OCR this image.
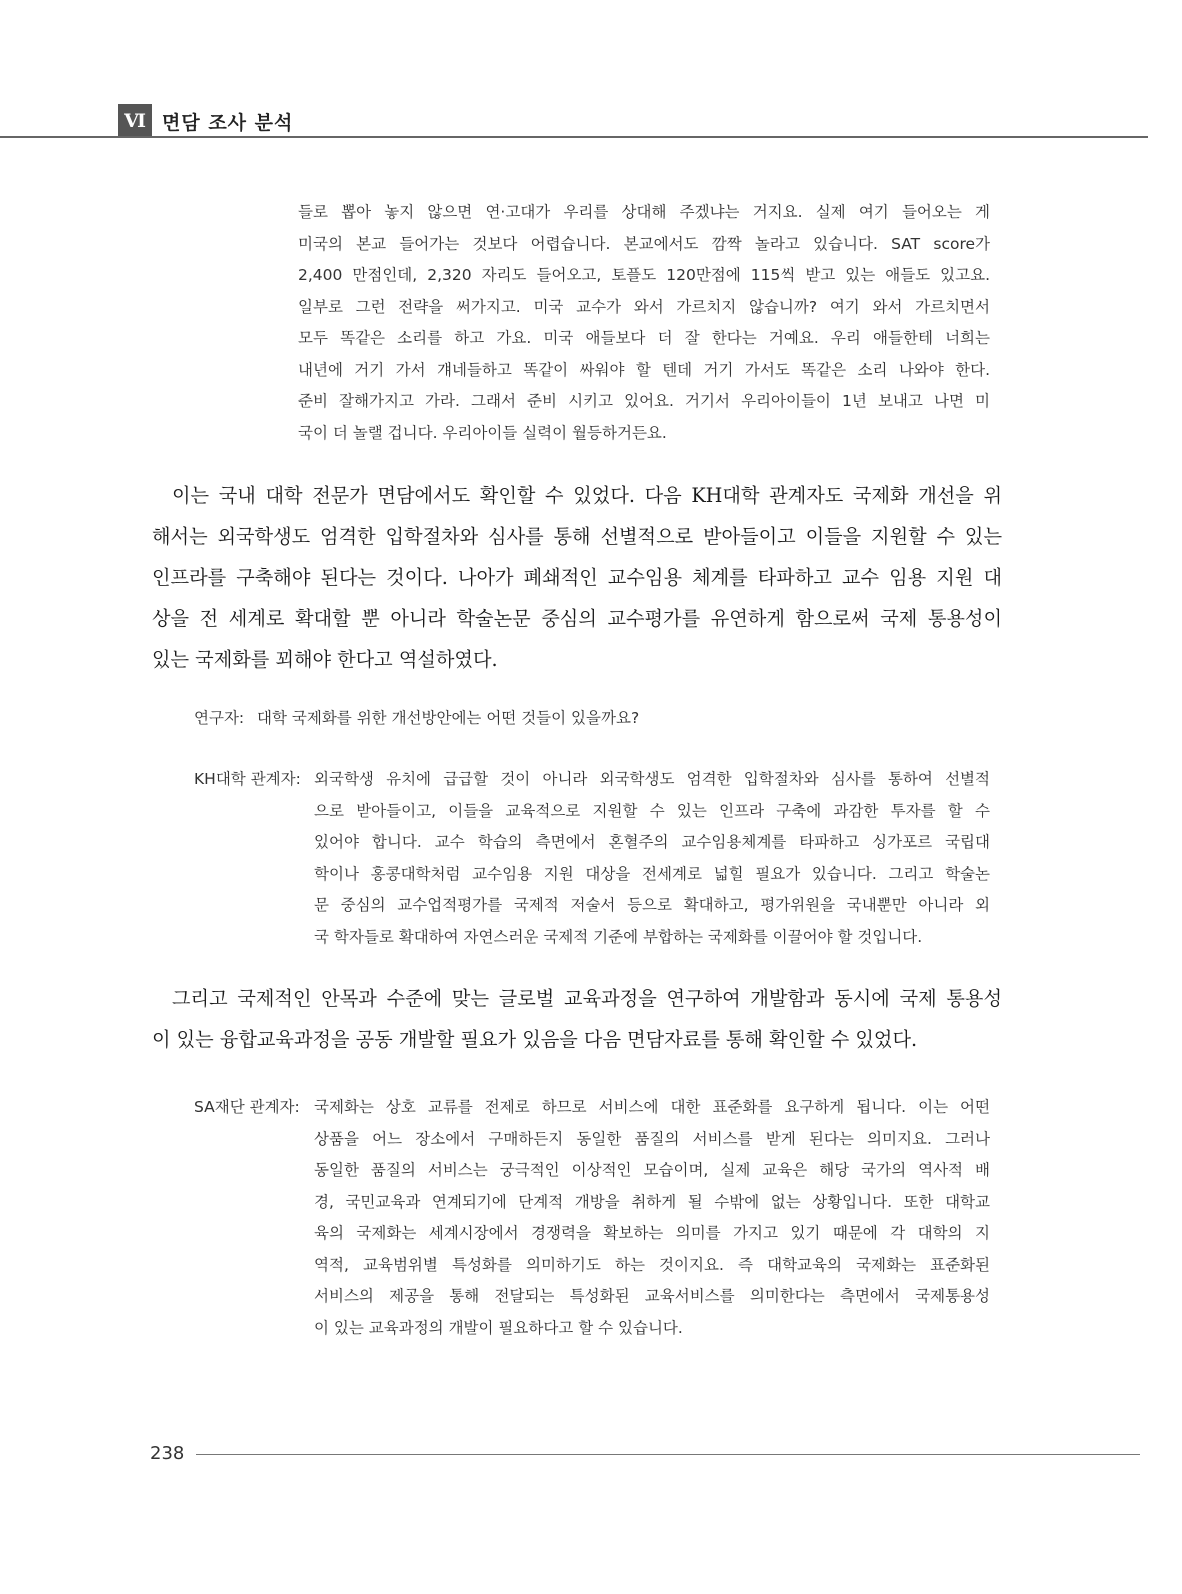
Ⅵ 면담 조사 분석
들로 뽑아 놓지 않으면 연·고대가 우리를 상대해 주겠냐는 거지요. 실제 여기 들어오는 게
미국의 본교 들어가는 것보다 어렵습니다. 본교에서도 깜짝 놀라고 있습니다. SAT score가
2,400 만점인데, 2,320 자리도 들어오고, 토플도 120만점에 115씩 받고 있는 애들도 있고요.
일부로 그런 전략을 써가지고. 미국 교수가 와서 가르치지 않습니까? 여기 와서 가르치면서
모두 똑같은 소리를 하고 가요. 미국 애들보다 더 잘 한다는 거예요. 우리 애들한테 너희는
내년에 거기 가서 걔네들하고 똑같이 싸워야 할 텐데 거기 가서도 똑같은 소리 나와야 한다.
준비 잘해가지고 가라. 그래서 준비 시키고 있어요. 거기서 우리아이들이 1년 보내고 나면 미
국이 더 놀랠 겁니다. 우리아이들 실력이 월등하거든요.
이는 국내 대학 전문가 면담에서도 확인할 수 있었다. 다음 KH대학 관계자도 국제화 개선을 위
해서는 외국학생도 엄격한 입학절차와 심사를 통해 선별적으로 받아들이고 이들을 지원할 수 있는
인프라를 구축해야 된다는 것이다. 나아가 폐쇄적인 교수임용 체계를 타파하고 교수 임용 지원 대
상을 전 세계로 확대할 뿐 아니라 학술논문 중심의 교수평가를 유연하게 함으로써 국제 통용성이
있는 국제화를 꾀해야 한다고 역설하였다.
연구자: 대학 국제화를 위한 개선방안에는 어떤 것들이 있을까요?
KH대학 관계자: 외국학생 유치에 급급할 것이 아니라 외국학생도 엄격한 입학절차와 심사를 통하여 선별적
으로 받아들이고, 이들을 교육적으로 지원할 수 있는 인프라 구축에 과감한 투자를 할 수
있어야 합니다. 교수 학습의 측면에서 혼혈주의 교수임용체계를 타파하고 싱가포르 국립대
학이나 홍콩대학처럼 교수임용 지원 대상을 전세계로 넓힐 필요가 있습니다. 그리고 학술논
문 중심의 교수업적평가를 국제적 저술서 등으로 확대하고, 평가위원을 국내뿐만 아니라 외
국 학자들로 확대하여 자연스러운 국제적 기준에 부합하는 국제화를 이끌어야 할 것입니다.
그리고 국제적인 안목과 수준에 맞는 글로벌 교육과정을 연구하여 개발함과 동시에 국제 통용성
이 있는 융합교육과정을 공동 개발할 필요가 있음을 다음 면담자료를 통해 확인할 수 있었다.
SA재단 관계자: 국제화는 상호 교류를 전제로 하므로 서비스에 대한 표준화를 요구하게 됩니다. 이는 어떤
상품을 어느 장소에서 구매하든지 동일한 품질의 서비스를 받게 된다는 의미지요. 그러나
동일한 품질의 서비스는 궁극적인 이상적인 모습이며, 실제 교육은 해당 국가의 역사적 배
경, 국민교육과 연계되기에 단계적 개방을 취하게 될 수밖에 없는 상황입니다. 또한 대학교
육의 국제화는 세계시장에서 경쟁력을 확보하는 의미를 가지고 있기 때문에 각 대학의 지
역적, 교육범위별 특성화를 의미하기도 하는 것이지요. 즉 대학교육의 국제화는 표준화된
서비스의 제공을 통해 전달되는 특성화된 교육서비스를 의미한다는 측면에서 국제통용성
이 있는 교육과정의 개발이 필요하다고 할 수 있습니다.
238
